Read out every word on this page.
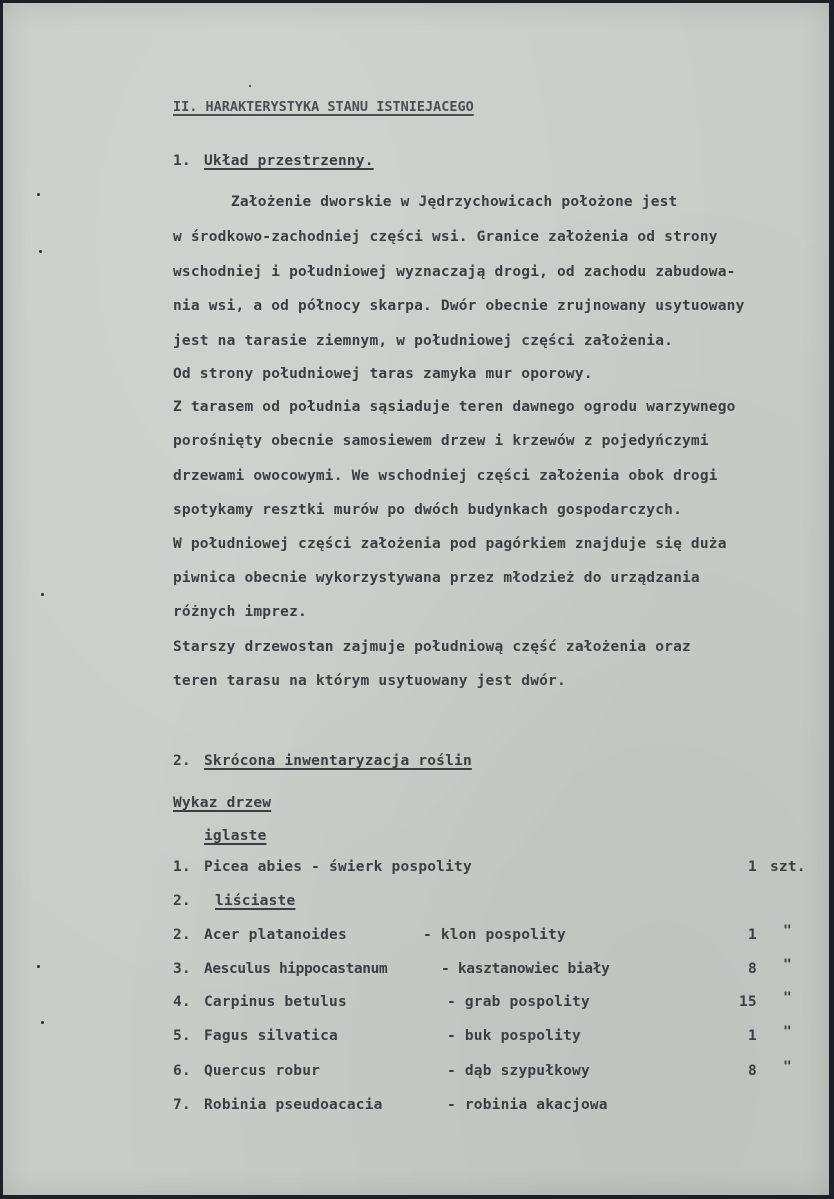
II. HARAKTERYSTYKA STANU ISTNIEJACEGO
1. Układ przestrzenny.
Założenie dworskie w Jędrzychowicach położone jest
w środkowo-zachodniej części wsi. Granice założenia od strony
wschodniej i południowej wyznaczają drogi, od zachodu zabudowa-
nia wsi, a od północy skarpa. Dwór obecnie zrujnowany usytuowany
jest na tarasie ziemnym, w południowej części założenia.
Od strony południowej taras zamyka mur oporowy.
Z tarasem od południa sąsiaduje teren dawnego ogrodu warzywnego
porośnięty obecnie samosiewem drzew i krzewów z pojedyńczymi
drzewami owocowymi. We wschodniej części założenia obok drogi
spotykamy resztki murów po dwóch budynkach gospodarczych.
W południowej części założenia pod pagórkiem znajduje się duża
piwnica obecnie wykorzystywana przez młodzież do urządzania
różnych imprez.
Starszy drzewostan zajmuje południową część założenia oraz
teren tarasu na którym usytuowany jest dwór.
2. Skrócona inwentaryzacja roślin
Wykaz drzew
iglaste
1. Picea abies - świerk pospolity	1 szt.
2. liściaste
2. Acer platanoides	- klon pospolity	1 "
3. Aesculus hippocastanum	- kasztanowiec biały	8 "
4. Carpinus betulus	- grab pospolity	15 "
5. Fagus silvatica	- buk pospolity	1 "
6. Quercus robur	- dąb szypułkowy	8 "
7. Robinia pseudoacacia	- robinia akacjowa
